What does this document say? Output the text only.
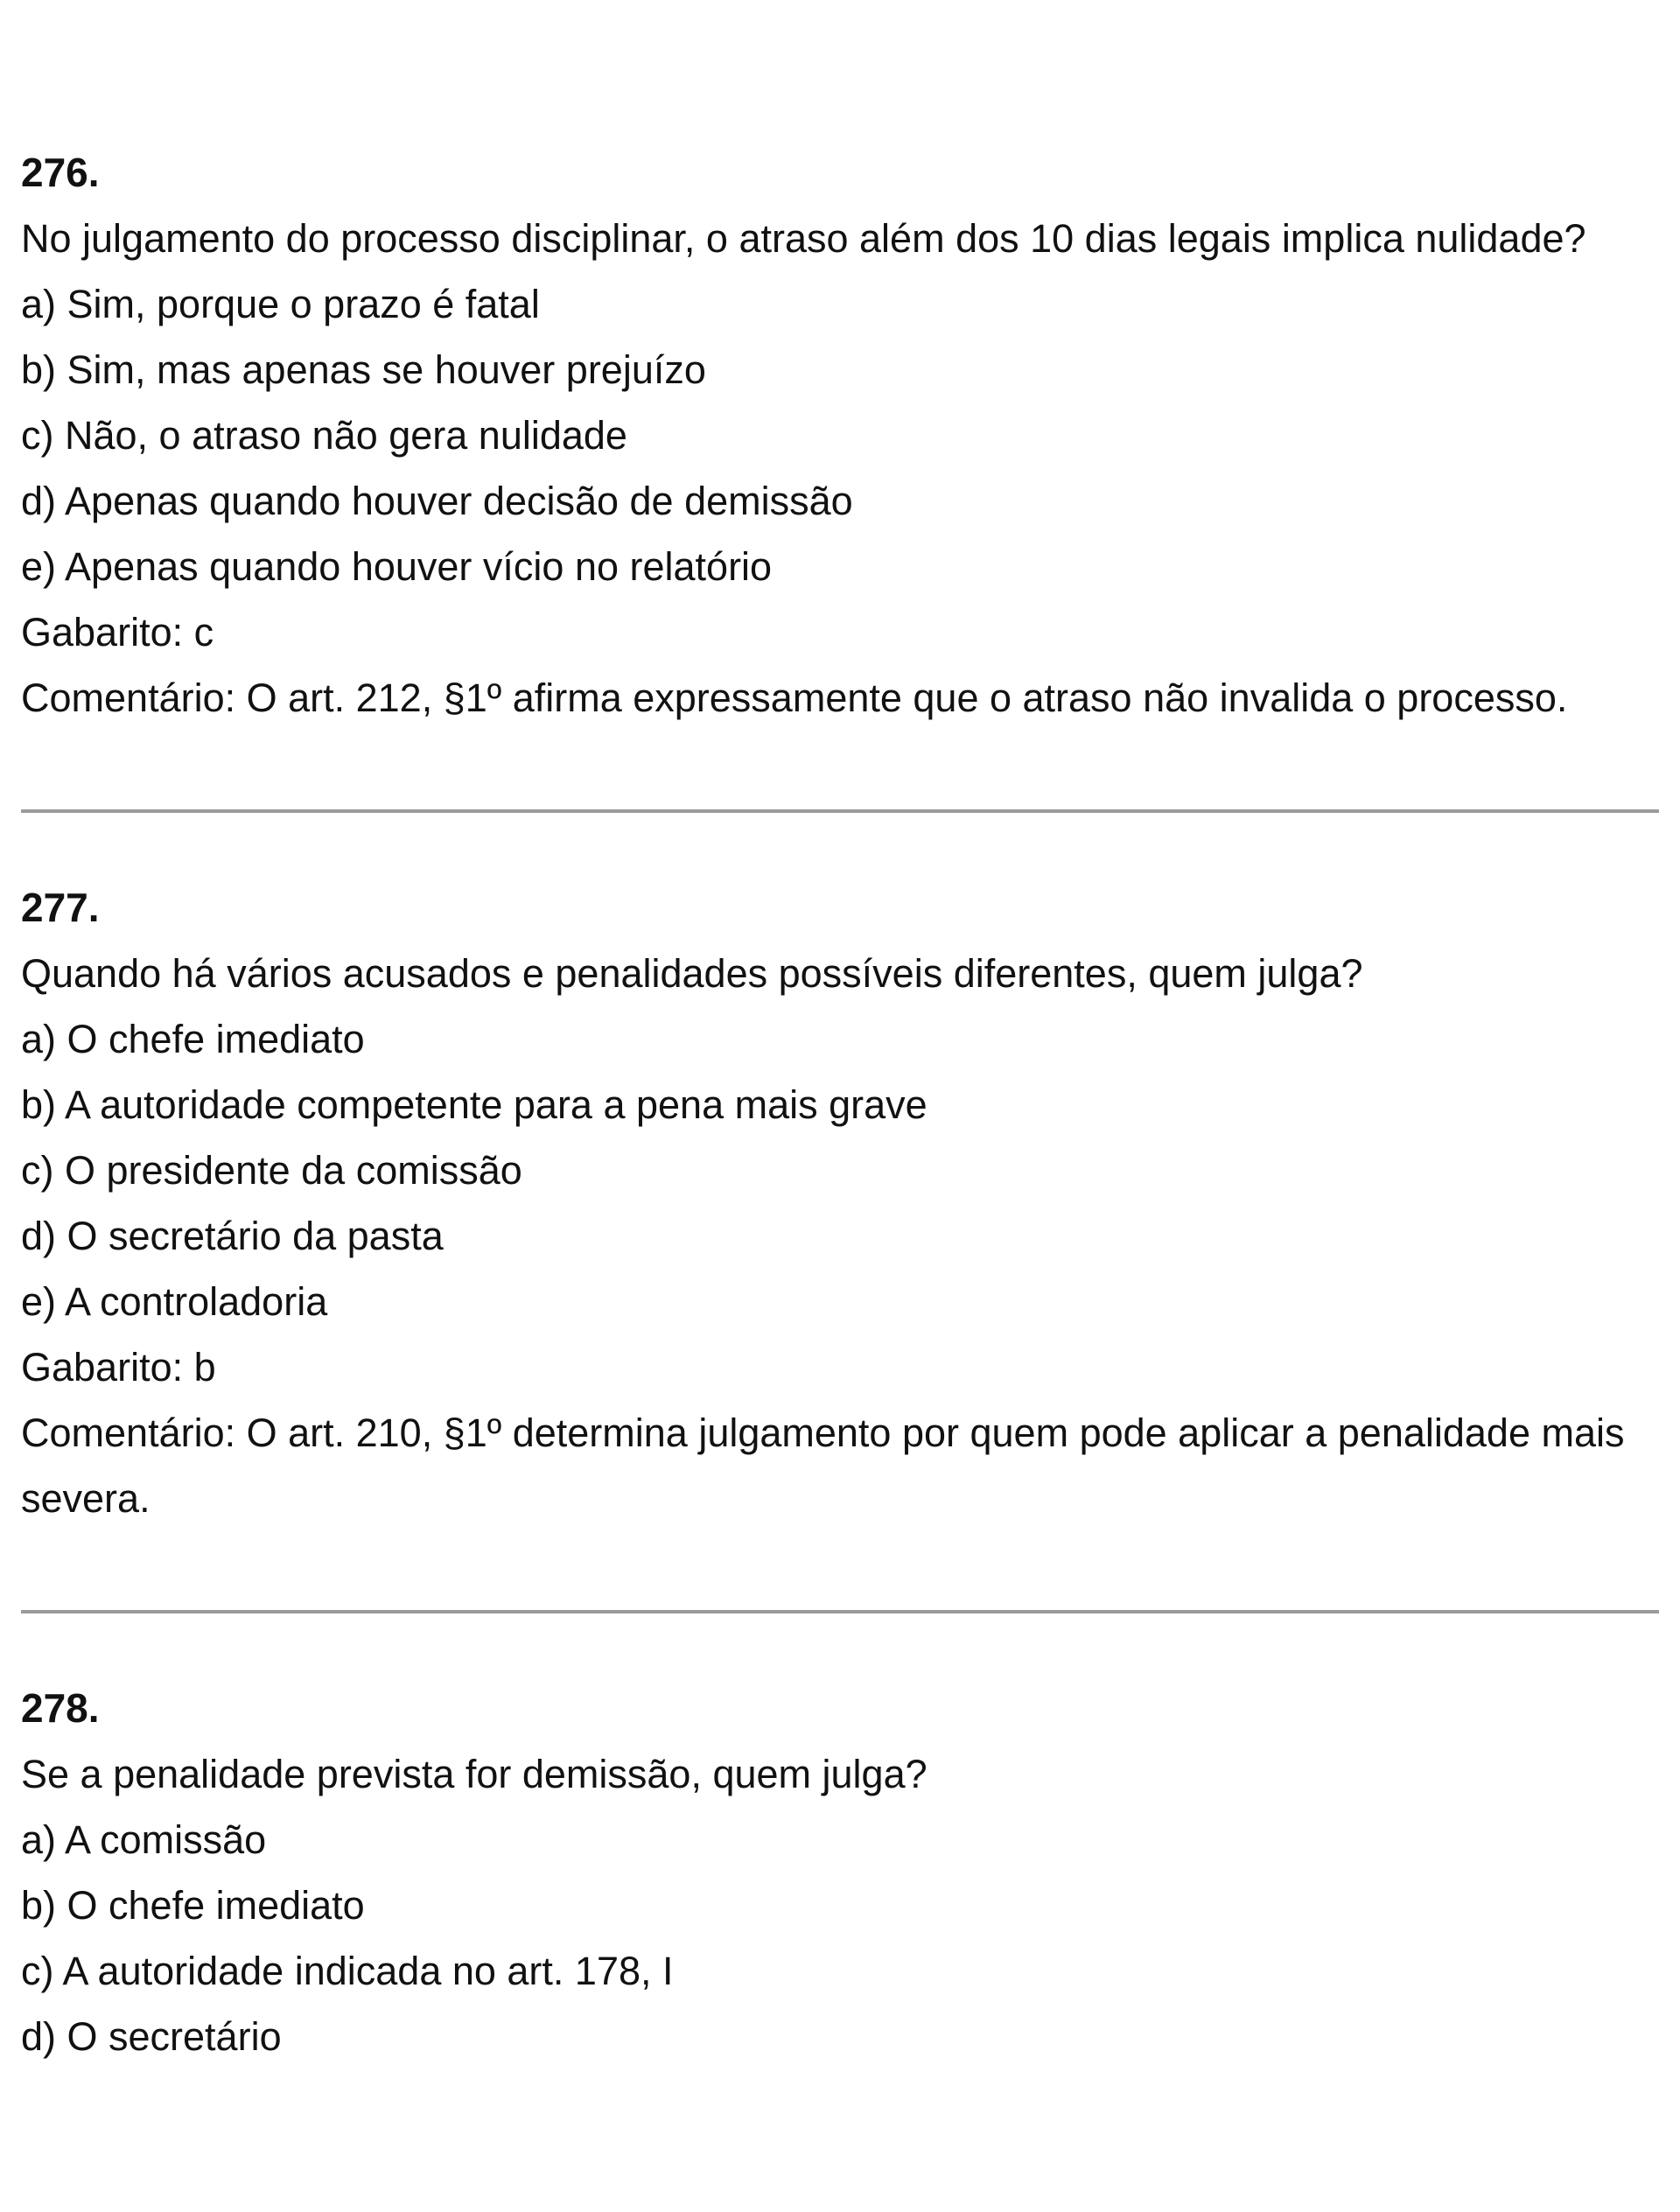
276.

No julgamento do processo disciplinar, o atraso além dos 10 dias legais implica nulidade?

a) Sim, porque o prazo é fatal

b) Sim, mas apenas se houver prejuízo

c) Não, o atraso não gera nulidade

d) Apenas quando houver decisão de demissão

e) Apenas quando houver vício no relatório

Gabarito: c

Comentário: O art. 212, §1º afirma expressamente que o atraso não invalida o processo.

277.

Quando há vários acusados e penalidades possíveis diferentes, quem julga?

a) O chefe imediato

b) A autoridade competente para a pena mais grave

c) O presidente da comissão

d) O secretário da pasta

e) A controladoria

Gabarito: b

Comentário: O art. 210, §1º determina julgamento por quem pode aplicar a penalidade mais severa.

278.

Se a penalidade prevista for demissão, quem julga?

a) A comissão

b) O chefe imediato

c) A autoridade indicada no art. 178, I

d) O secretário
